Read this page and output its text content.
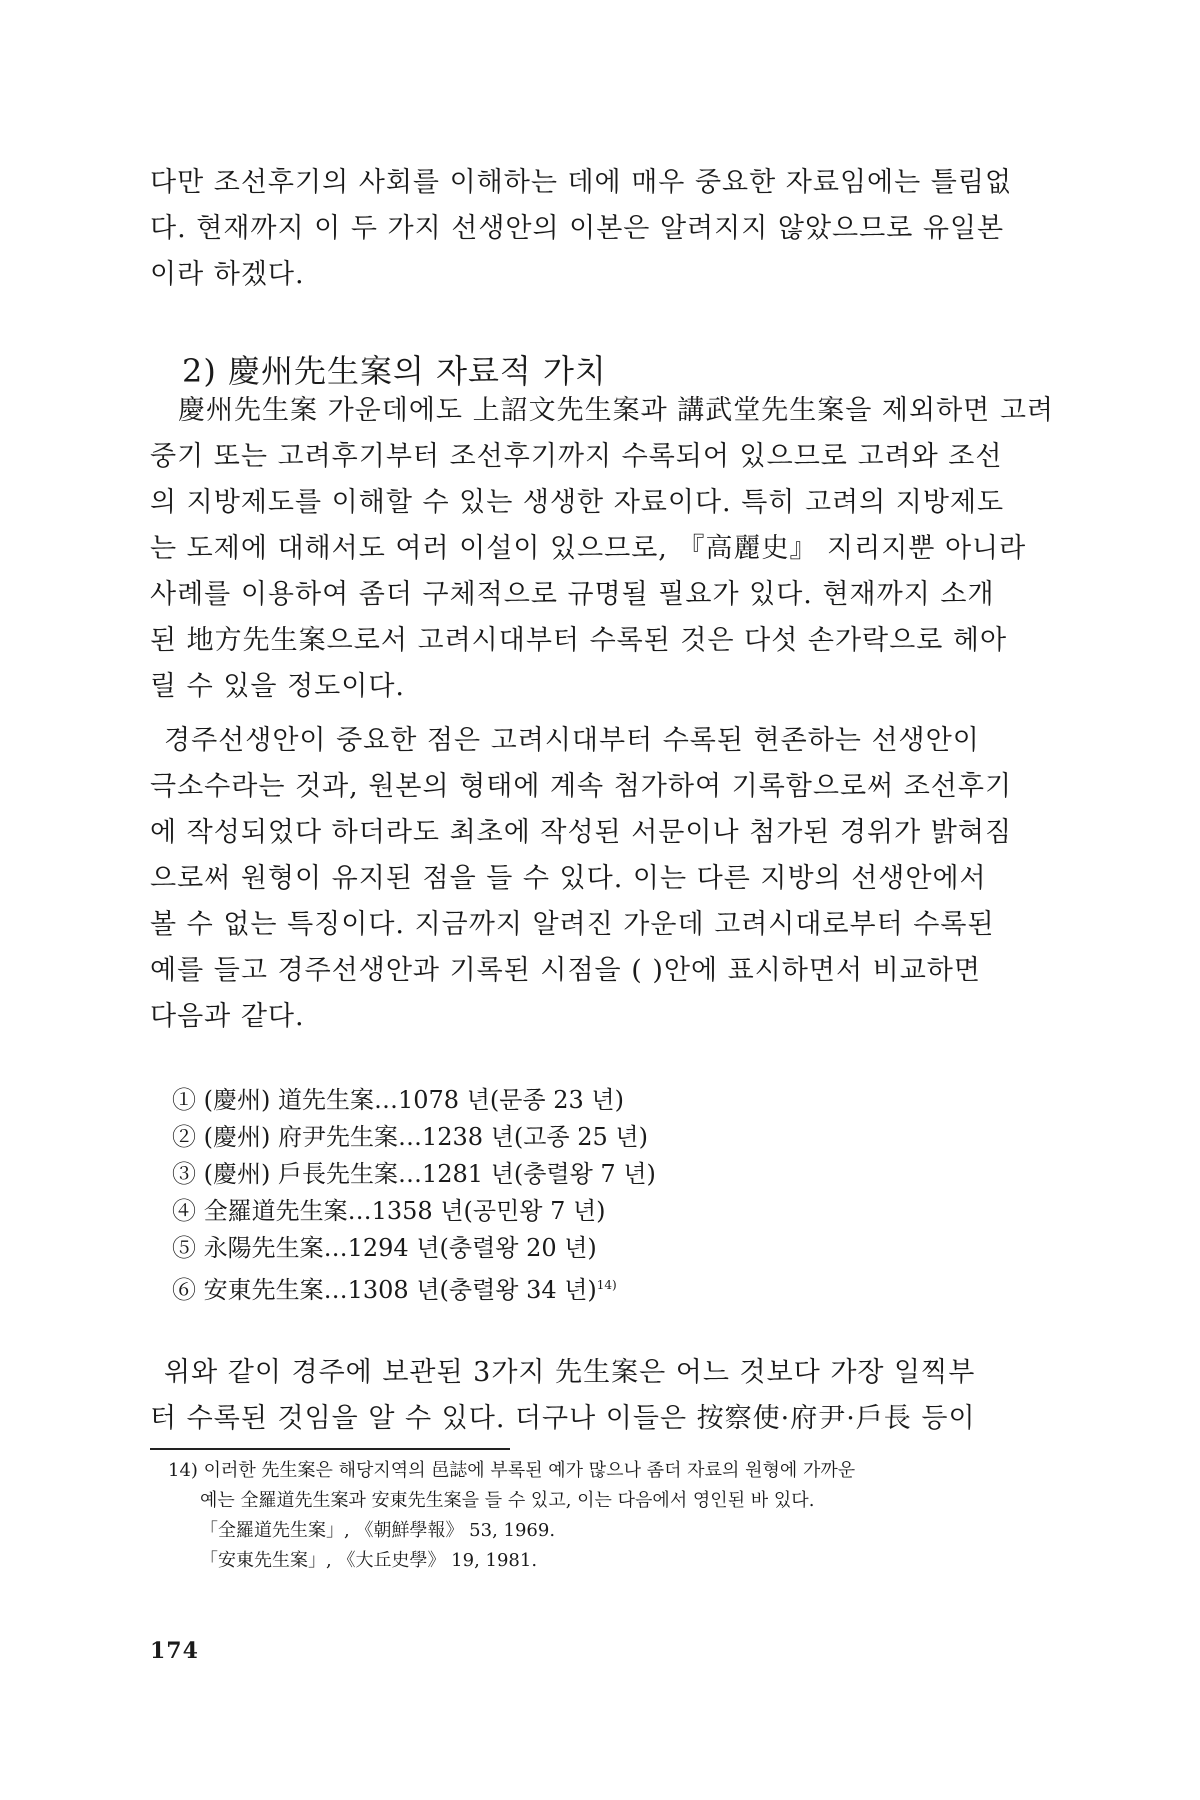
다만 조선후기의 사회를 이해하는 데에 매우 중요한 자료임에는 틀림없
다. 현재까지 이 두 가지 선생안의 이본은 알려지지 않았으므로 유일본
이라 하겠다.
2) 慶州先生案의 자료적 가치
慶州先生案 가운데에도 上詔文先生案과 講武堂先生案을 제외하면 고려
중기 또는 고려후기부터 조선후기까지 수록되어 있으므로 고려와 조선
의 지방제도를 이해할 수 있는 생생한 자료이다. 특히 고려의 지방제도
는 도제에 대해서도 여러 이설이 있으므로, 『高麗史』 지리지뿐 아니라
사례를 이용하여 좀더 구체적으로 규명될 필요가 있다. 현재까지 소개
된 地方先生案으로서 고려시대부터 수록된 것은 다섯 손가락으로 헤아
릴 수 있을 정도이다.
경주선생안이 중요한 점은 고려시대부터 수록된 현존하는 선생안이
극소수라는 것과, 원본의 형태에 계속 첨가하여 기록함으로써 조선후기
에 작성되었다 하더라도 최초에 작성된 서문이나 첨가된 경위가 밝혀짐
으로써 원형이 유지된 점을 들 수 있다. 이는 다른 지방의 선생안에서
볼 수 없는 특징이다. 지금까지 알려진 가운데 고려시대로부터 수록된
예를 들고 경주선생안과 기록된 시점을 ( )안에 표시하면서 비교하면
다음과 같다.
① (慶州) 道先生案…1078 년(문종 23 년)
② (慶州) 府尹先生案…1238 년(고종 25 년)
③ (慶州) 戶長先生案…1281 년(충렬왕 7 년)
④ 全羅道先生案…1358 년(공민왕 7 년)
⑤ 永陽先生案…1294 년(충렬왕 20 년)
⑥ 安東先生案…1308 년(충렬왕 34 년)$^{14)}$
위와 같이 경주에 보관된 3가지 先生案은 어느 것보다 가장 일찍부
터 수록된 것임을 알 수 있다. 더구나 이들은 按察使·府尹·戶長 등이
14) 이러한 先生案은 해당지역의 邑誌에 부록된 예가 많으나 좀더 자료의 원형에 가까운
예는 全羅道先生案과 安東先生案을 들 수 있고, 이는 다음에서 영인된 바 있다.
「全羅道先生案」, 《朝鮮學報》 53, 1969.
「安東先生案」, 《大丘史學》 19, 1981.
174
